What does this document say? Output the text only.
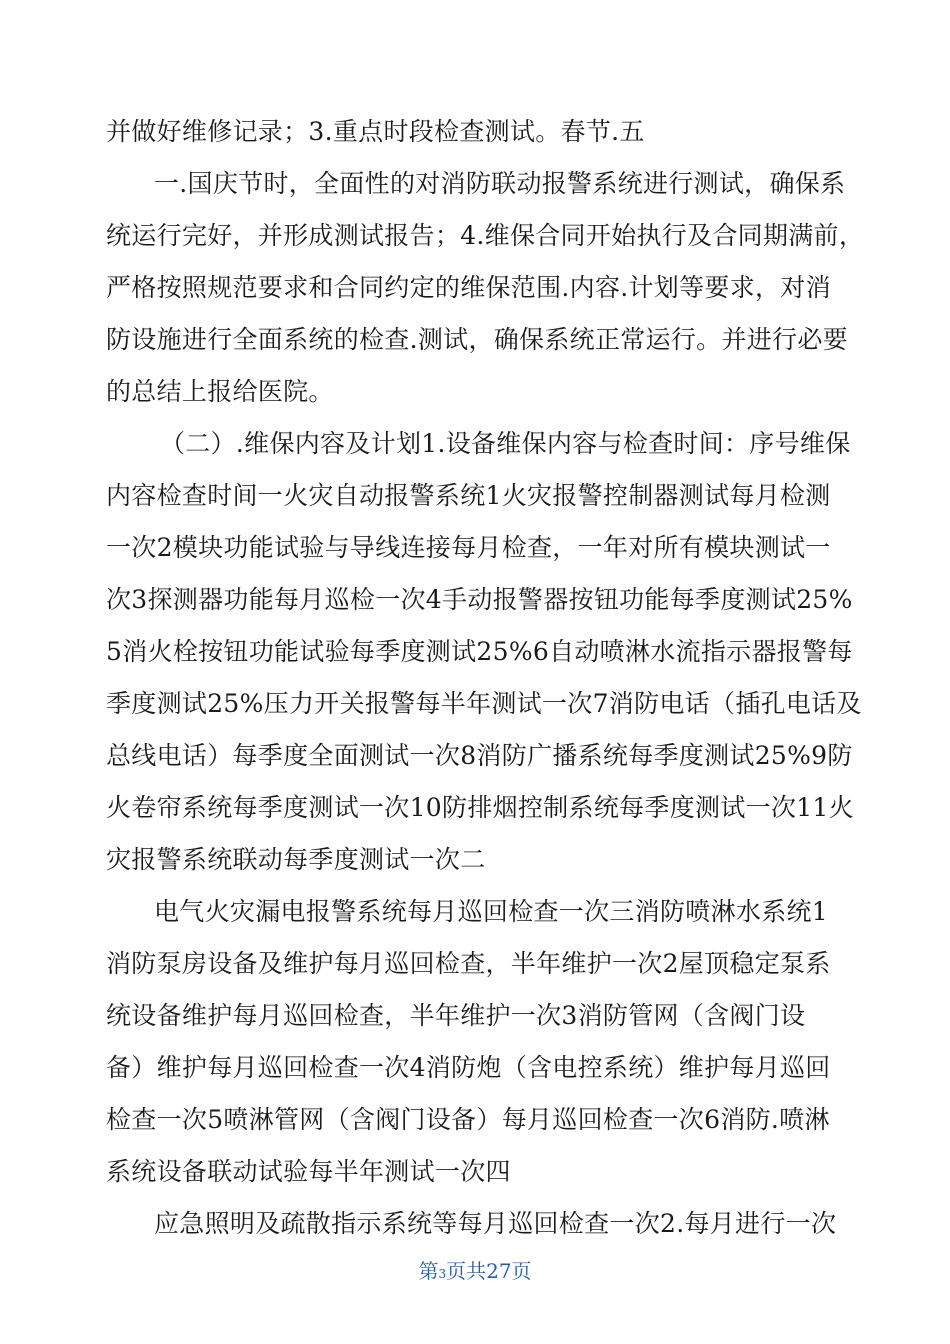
并做好维修记录；3.重点时段检查测试。春节.五
一.国庆节时，全面性的对消防联动报警系统进行测试，确保系
统运行完好，并形成测试报告；4.维保合同开始执行及合同期满前，
严格按照规范要求和合同约定的维保范围.内容.计划等要求，对消
防设施进行全面系统的检查.测试，确保系统正常运行。并进行必要
的总结上报给医院。
（二）.维保内容及计划1.设备维保内容与检查时间：序号维保
内容检查时间一火灾自动报警系统1火灾报警控制器测试每月检测
一次2模块功能试验与导线连接每月检查，一年对所有模块测试一
次3探测器功能每月巡检一次4手动报警器按钮功能每季度测试25%
5消火栓按钮功能试验每季度测试25%6自动喷淋水流指示器报警每
季度测试25%压力开关报警每半年测试一次7消防电话（插孔电话及
总线电话）每季度全面测试一次8消防广播系统每季度测试25%9防
火卷帘系统每季度测试一次10防排烟控制系统每季度测试一次11火
灾报警系统联动每季度测试一次二
电气火灾漏电报警系统每月巡回检查一次三消防喷淋水系统1
消防泵房设备及维护每月巡回检查，半年维护一次2屋顶稳定泵系
统设备维护每月巡回检查，半年维护一次3消防管网（含阀门设
备）维护每月巡回检查一次4消防炮（含电控系统）维护每月巡回
检查一次5喷淋管网（含阀门设备）每月巡回检查一次6消防.喷淋
系统设备联动试验每半年测试一次四
应急照明及疏散指示系统等每月巡回检查一次2.每月进行一次
第3页共27页
